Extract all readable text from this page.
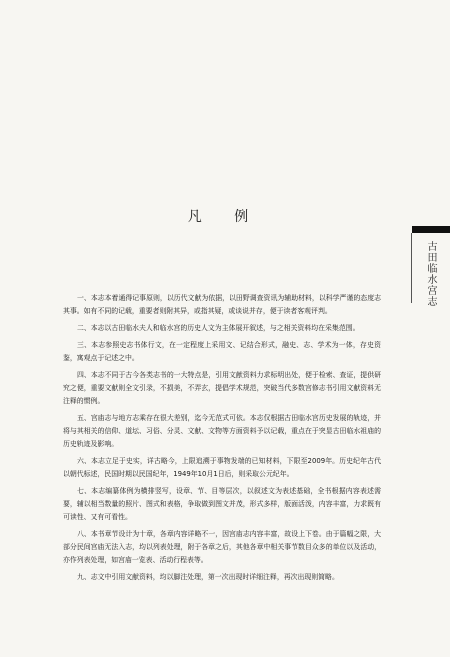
凡 例
古田临水宫志

一、本志本着通得记事原则，以历代文献为依据，以田野调查资讯为辅助材料，以科学严谨的态度志其事。如有不同的记载，重要者则附其异，或指其疑，或谈说并存，便于读者客观评判。

二、本志以古田临水夫人和临水宫的历史人文为主体展开叙述，与之相关资料均在采集范围。

三、本志参照史志书体行文，在一定程度上采用文、记结合形式，融史、志、学术为一体，存史资鉴，寓观点于记述之中。

四、本志不同于古今各类志书的一大特点是，引用文献资料力求标明出处，便于检索、查证，提供研究之便，重要文献则全文引录，不损美，不弄玄，提倡学术规范，突破当代多数宫修志书引用文献资料无注释的惯例。

五、宫庙志与地方志乘存在很大差别，迄今无范式可依。本志仅根据古田临水宫历史发展的轨迹，并将与其相关的信仰、道坛、习俗、分灵、文献、文物等方面资料予以记载，重点在于突显古田临水祖庙的历史轨迹及影响。

六、本志立足于史实，详古略今，上限追溯于事物发端的已知材料，下限至2009年。历史纪年古代以朝代标述，民国时期以民国纪年，1949年10月1日后，则采取公元纪年。

七、本志编纂体例为横排竖写，设章、节、目等层次，以叙述文为表述基础，全书根据内容表述需要，辅以相当数量的照片、图式和表格，争取做到图文并茂，形式多样，版面活泼，内容丰富，力求既有可读性、又有可看性。

八、本书章节设计为十章，各章内容详略不一，因宫庙志内容丰富，故设上下卷。由于篇幅之限，大部分民间宫庙无法入志，均以列表处理，附于各章之后，其他各章中相关事节数目众多的单位以及活动，亦作列表处理，如宫庙一览表、活动行程表等。

九、志文中引用文献资料，均以脚注处理，第一次出现时详细注释，再次出现则简略。
